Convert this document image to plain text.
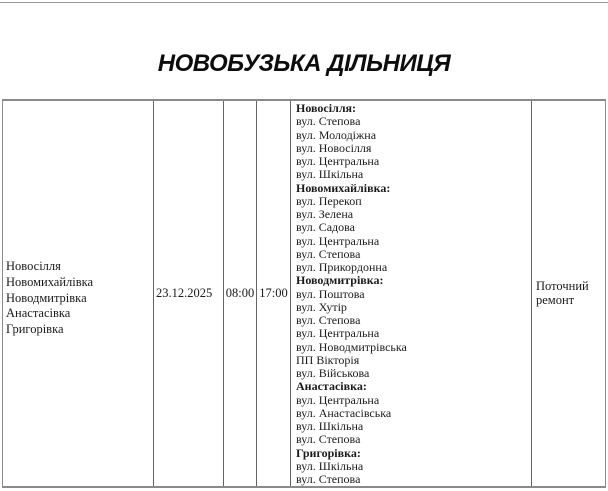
НОВОБУЗЬКА ДІЛЬНИЦЯ
Новосілля
Новомихайлівка
Новодмитрівка
Анастасівка
Григорівка
23.12.2025 08:00 17:00
Новосілля:
вул. Степова
вул. Молодіжна
вул. Новосілля
вул. Центральна
вул. Шкільна
Новомихайлівка:
вул. Перекоп
вул. Зелена
вул. Садова
вул. Центральна
вул. Степова
вул. Прикордонна
Новодмитрівка:
вул. Поштова
вул. Хутір
вул. Степова
вул. Центральна
вул. Новодмитрівська
ПП Вікторія
вул. Військова
Анастасівка:
вул. Центральна
вул. Анастасівська
вул. Шкільна
вул. Степова
Григорівка:
вул. Шкільна
вул. Степова
Поточний ремонт
